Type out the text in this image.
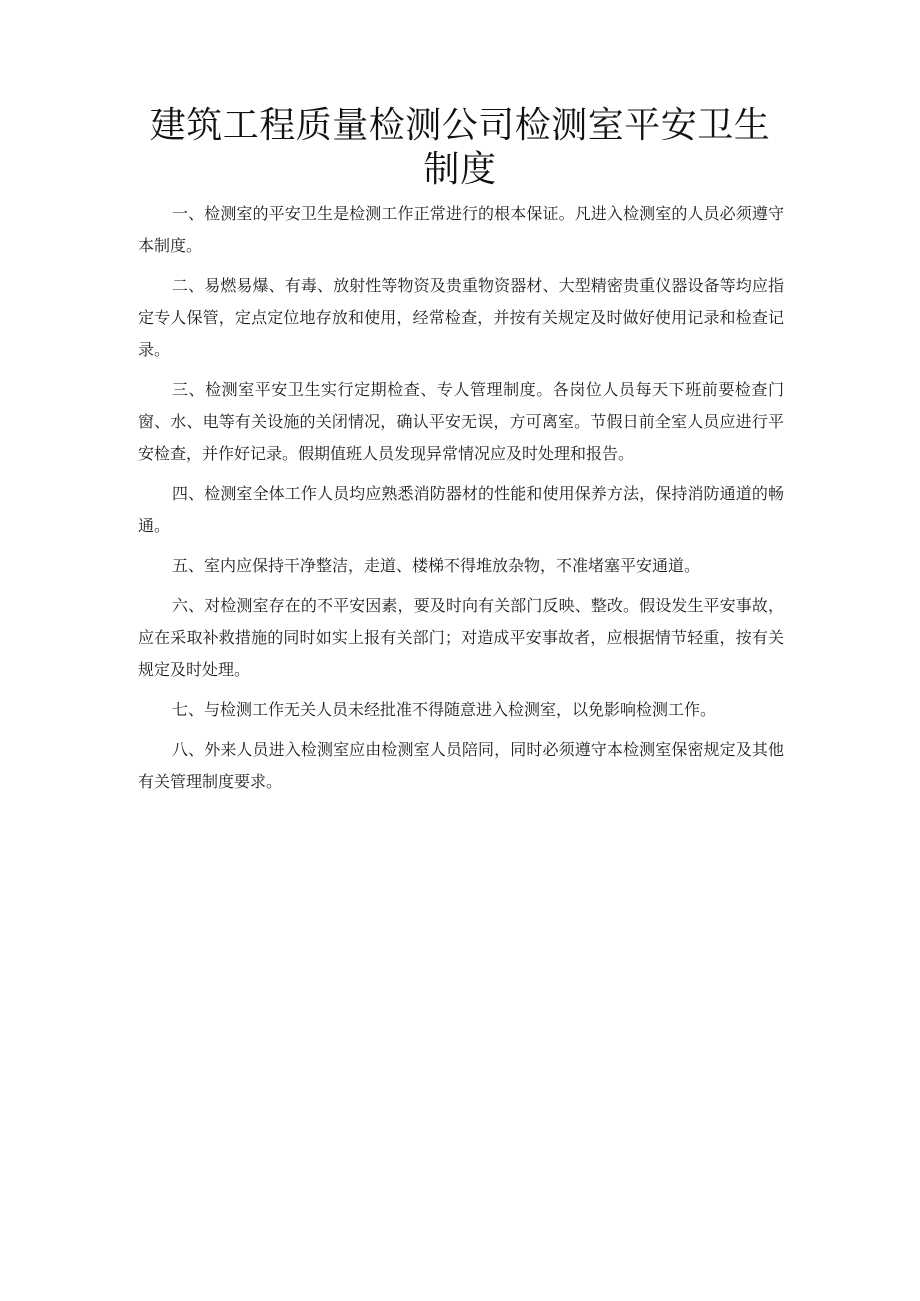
建筑工程质量检测公司检测室平安卫生制度

一、检测室的平安卫生是检测工作正常进行的根本保证。凡进入检测室的人员必须遵守本制度。

二、易燃易爆、有毒、放射性等物资及贵重物资器材、大型精密贵重仪器设备等均应指定专人保管，定点定位地存放和使用，经常检查，并按有关规定及时做好使用记录和检查记录。

三、检测室平安卫生实行定期检查、专人管理制度。各岗位人员每天下班前要检查门窗、水、电等有关设施的关闭情况，确认平安无误，方可离室。节假日前全室人员应进行平安检查，并作好记录。假期值班人员发现异常情况应及时处理和报告。

四、检测室全体工作人员均应熟悉消防器材的性能和使用保养方法，保持消防通道的畅通。

五、室内应保持干净整洁，走道、楼梯不得堆放杂物，不准堵塞平安通道。

六、对检测室存在的不平安因素，要及时向有关部门反映、整改。假设发生平安事故，应在采取补救措施的同时如实上报有关部门；对造成平安事故者，应根据情节轻重，按有关规定及时处理。

七、与检测工作无关人员未经批准不得随意进入检测室，以免影响检测工作。

八、外来人员进入检测室应由检测室人员陪同，同时必须遵守本检测室保密规定及其他有关管理制度要求。
